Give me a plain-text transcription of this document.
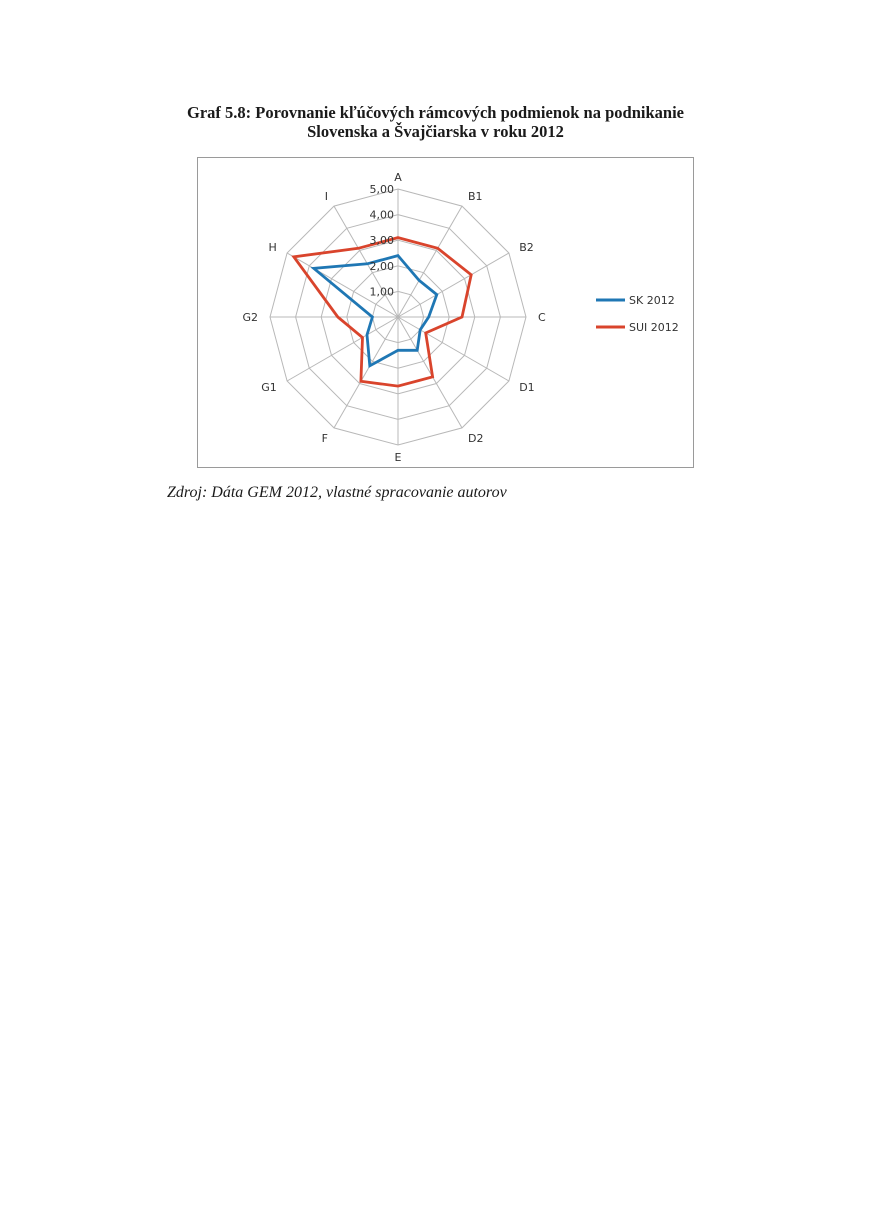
Graf 5.8: Porovnanie kľúčových rámcových podmienok na podnikanie
Slovenska a Švajčiarska v roku 2012
1,00
2,00
3,00
4,00
5,00
A
B1
B2
C
D1
D2
E
F
G1
G2
H
I
SK 2012
SUI 2012
Zdroj: Dáta GEM 2012, vlastné spracovanie autorov
